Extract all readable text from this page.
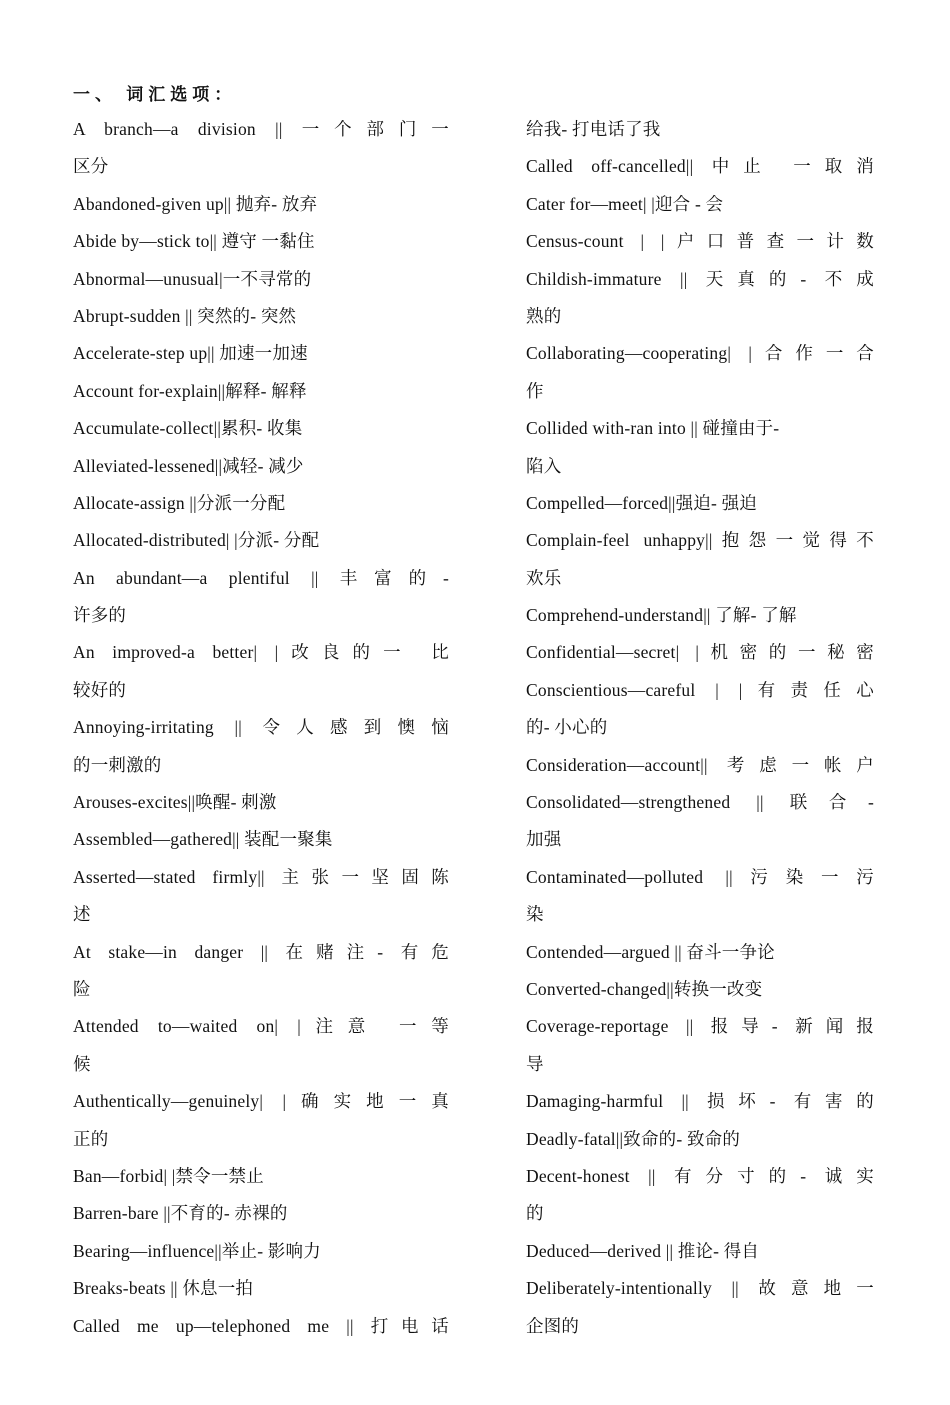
一、 词汇选项：
A branch—a division || 一个部门一
区分
Abandoned-given up|| 抛弃- 放弃
Abide by—stick to|| 遵守 一黏住
Abnormal—unusual|一不寻常的
Abrupt-sudden || 突然的- 突然
Accelerate-step up|| 加速一加速
Account for-explain||解释- 解释
Accumulate-collect||累积- 收集
Alleviated-lessened||减轻- 减少
Allocate-assign ||分派一分配
Allocated-distributed| |分派- 分配
An abundant—a plentiful || 丰富的-
许多的
An improved-a better| |改良的一 比
较好的
Annoying-irritating || 令人感到懊恼
的一刺激的
Arouses-excites||唤醒- 刺激
Assembled—gathered|| 装配一聚集
Asserted—stated firmly|| 主张一坚固陈
述
At stake—in danger || 在赌注- 有危
险
Attended to—waited on| |注意 一等
候
Authentically—genuinely| |确实地一真
正的
Ban—forbid| |禁令一禁止
Barren-bare ||不育的- 赤裸的
Bearing—influence||举止- 影响力
Breaks-beats || 休息一拍
Called me up—telephoned me || 打电话
给我- 打电话了我
Called off-cancelled|| 中止 一取消
Cater for—meet| |迎合 - 会
Census-count | |户口普查一计数
Childish-immature || 天真的- 不成
熟的
Collaborating—cooperating| |合作一合
作
Collided with-ran into || 碰撞由于-
陷入
Compelled—forced||强迫- 强迫
Complain-feel unhappy||抱怨一觉得不
欢乐
Comprehend-understand|| 了解- 了解
Confidential—secret| |机密的一秘密
Conscientious—careful | |有责任心
的- 小心的
Consideration—account|| 考虑一帐户
Consolidated—strengthened || 联合-
加强
Contaminated—polluted ||污染一污
染
Contended—argued || 奋斗一争论
Converted-changed||转换一改变
Coverage-reportage || 报导- 新闻报
导
Damaging-harmful || 损坏- 有害的
Deadly-fatal||致命的- 致命的
Decent-honest || 有分寸的- 诚实
的
Deduced—derived || 推论- 得自
Deliberately-intentionally || 故意地一
企图的
